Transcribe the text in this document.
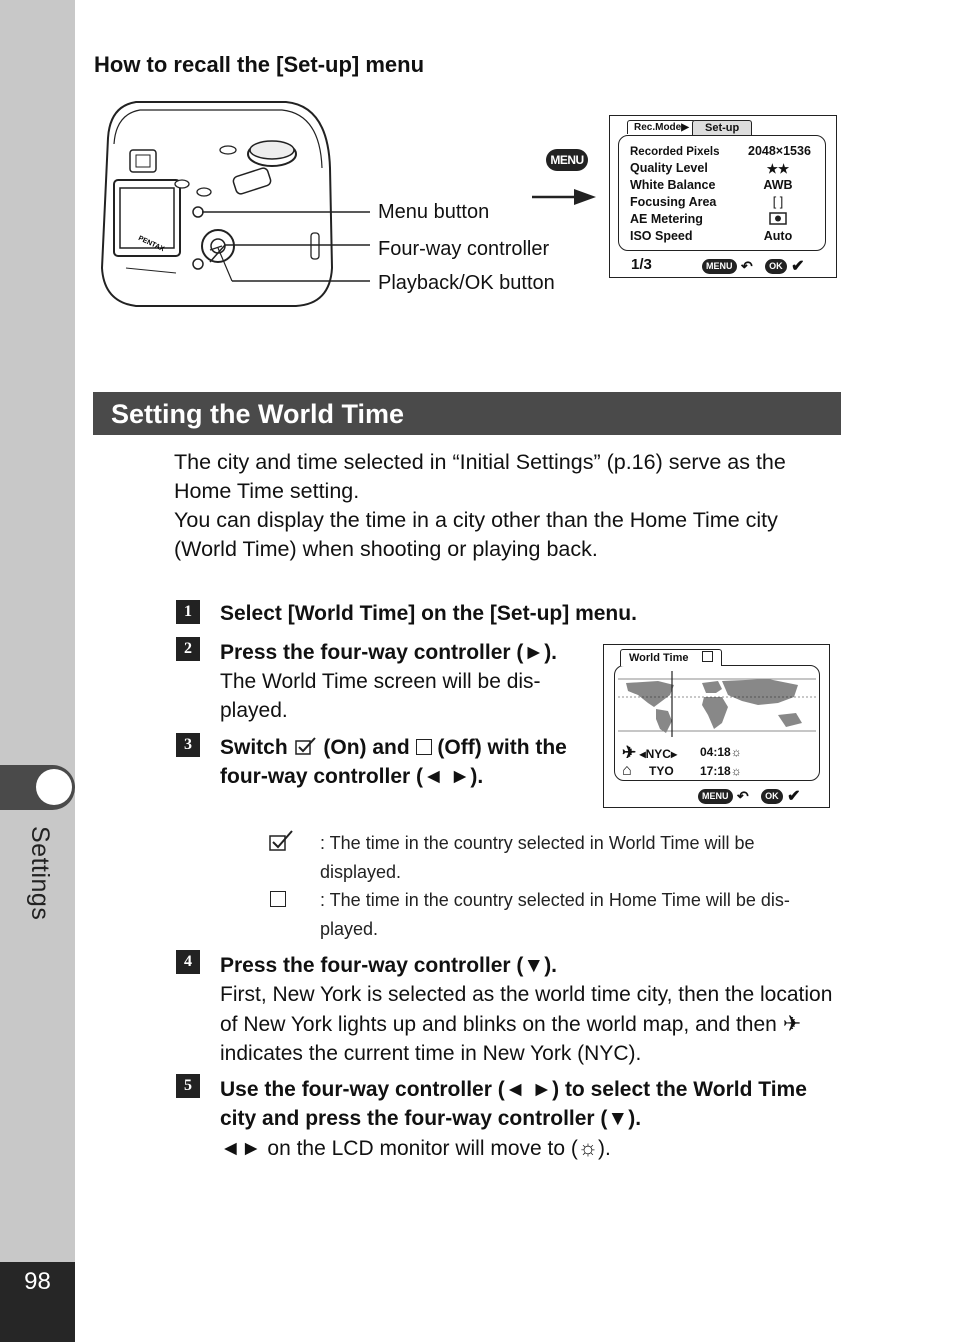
Settings
98
How to recall the [Set-up] menu
PENTAX
Menu button
Four-way controller
Playback/OK button
MENU
Rec.Mode▶	Set-up
Recorded Pixels 2048×1536
Quality Level	★★
White Balance	AWB
Focusing Area	[ ]
AE Metering
ISO Speed	Auto
1/3	MENU ↶ OK ✔
Setting the World Time
The city and time selected in “Initial Settings” (p.16) serve as the Home Time setting.
You can display the time in a city other than the Home Time city (World Time) when shooting or playing back.
1	Select [World Time] on the [Set-up] menu.
2	Press the four-way controller (►).
The World Time screen will be dis-played.
3	Switch (On) and (Off) with the four-way controller (◄ ►).
World Time
✈ ◂NYC▸ 04:18☼
⌂ TYO 17:18☼
MENU ↶ OK ✔
: The time in the country selected in World Time will be displayed.
: The time in the country selected in Home Time will be dis-played.
4	Press the four-way controller (▼).
First, New York is selected as the world time city, then the location of New York lights up and blinks on the world map, and then ✈ indicates the current time in New York (NYC).
5	Use the four-way controller (◄ ►) to select the World Time city and press the four-way controller (▼).
◄► on the LCD monitor will move to (☼).
